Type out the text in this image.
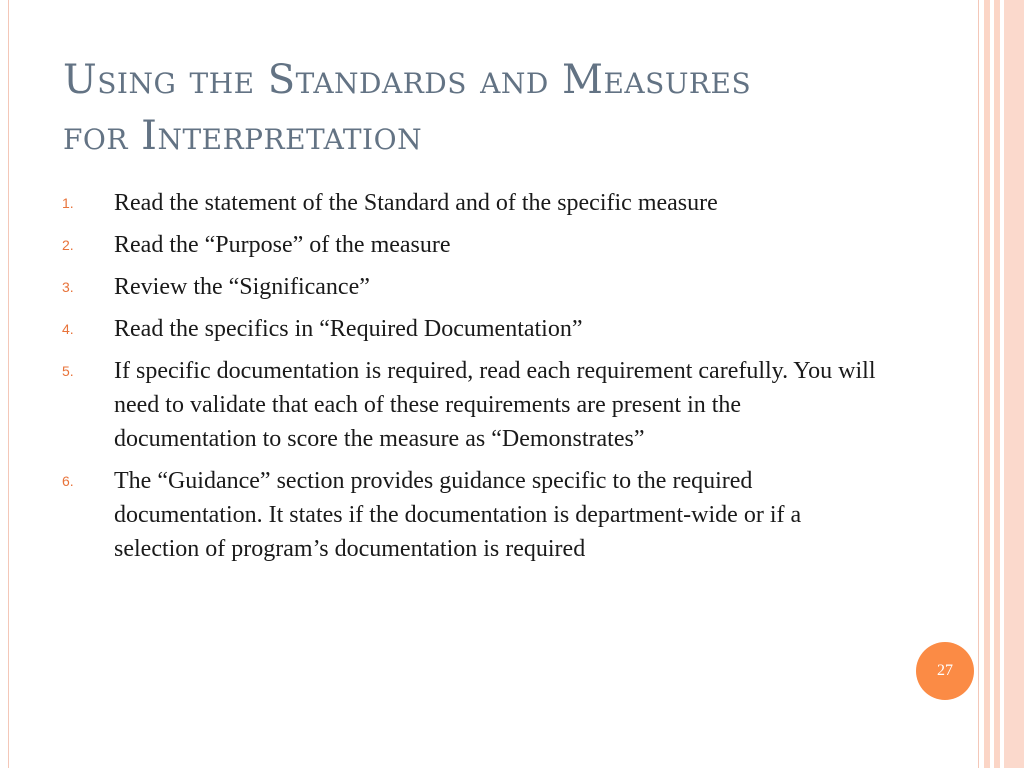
Using the Standards and Measures
for Interpretation
1.	Read the statement of the Standard and of the specific measure
2.	Read the “Purpose” of the measure
3.	Review the “Significance”
4.	Read the specifics in “Required Documentation”
5.	If specific documentation is required, read each requirement carefully. You will need to validate that each of these requirements are present in the documentation to score the measure as “Demonstrates”
6.	The “Guidance” section provides guidance specific to the required documentation. It states if the documentation is department-wide or if a selection of program’s documentation is required
27
